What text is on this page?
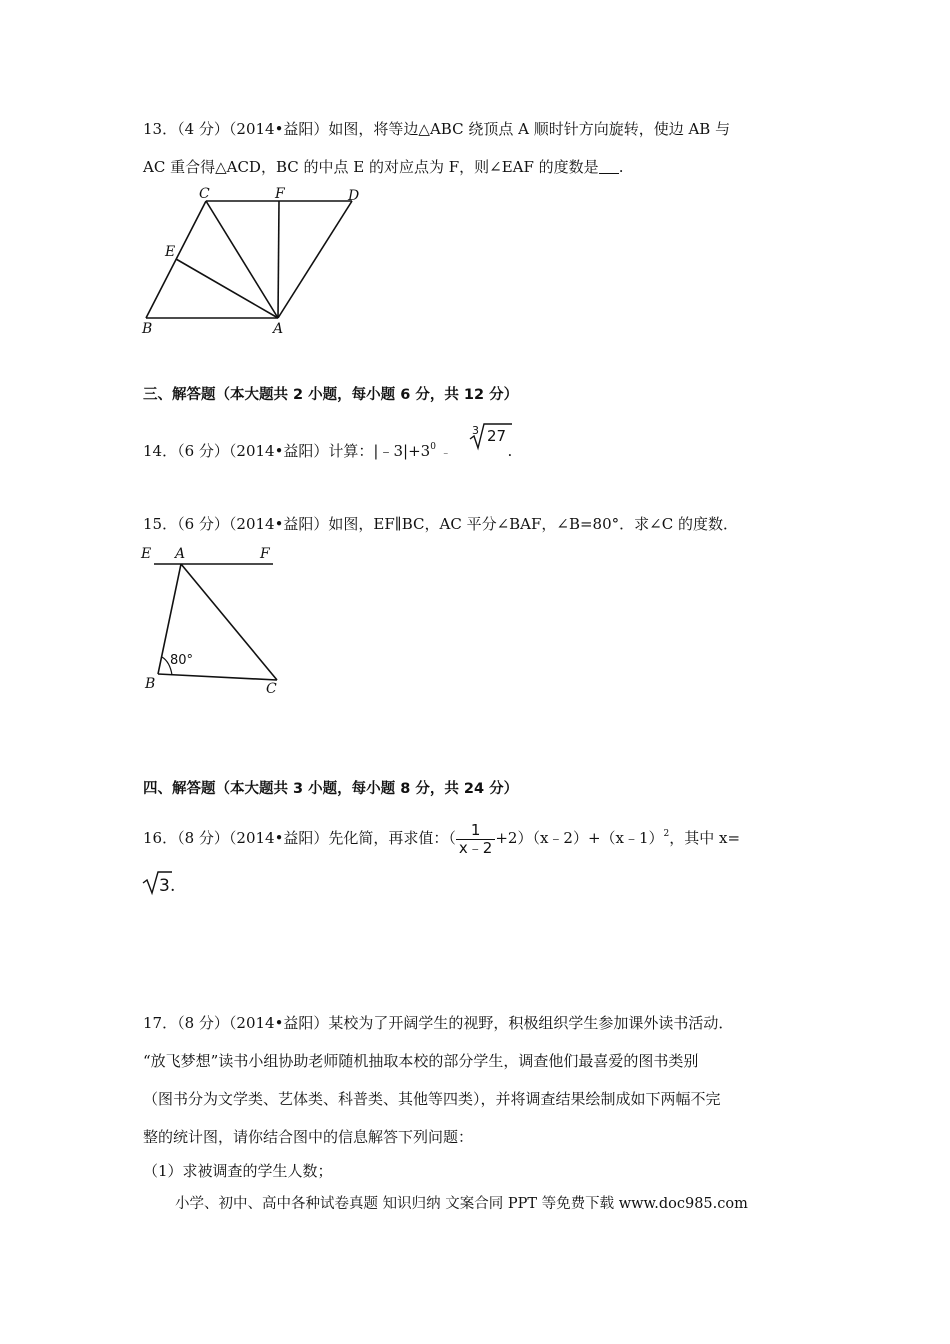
13．（4 分）（2014•益阳）如图，将等边△ABC 绕顶点 A 顺时针方向旋转，使边 AB 与
AC 重合得△ACD，BC 的中点 E 的对应点为 F，则∠EAF 的度数是 .
C	F	D
E
B	A
三、解答题（本大题共 2 小题，每小题 6 分，共 12 分）
14．（6 分）（2014•益阳）计算：$|﹣3|+3^0$ ﹣	.
3 27
15．（6 分）（2014•益阳）如图，EF∥BC，AC 平分∠BAF，∠B=80°．求∠C 的度数．
E A	F
B	C
80°
四、解答题（本大题共 3 小题，每小题 8 分，共 24 分）
16．（8 分）（2014•益阳）先化简，再求值：（ $\frac{1}{x﹣2}$ +2）（x﹣2）+（x﹣1）$^2$，其中 x=
3 .
17．（8 分）（2014•益阳）某校为了开阔学生的视野，积极组织学生参加课外读书活动．
“放飞梦想”读书小组协助老师随机抽取本校的部分学生，调查他们最喜爱的图书类别
（图书分为文学类、艺体类、科普类、其他等四类），并将调查结果绘制成如下两幅不完
整的统计图，请你结合图中的信息解答下列问题：
（1）求被调查的学生人数；
小学、初中、高中各种试卷真题 知识归纳 文案合同 PPT 等免费下载 www.doc985.com
